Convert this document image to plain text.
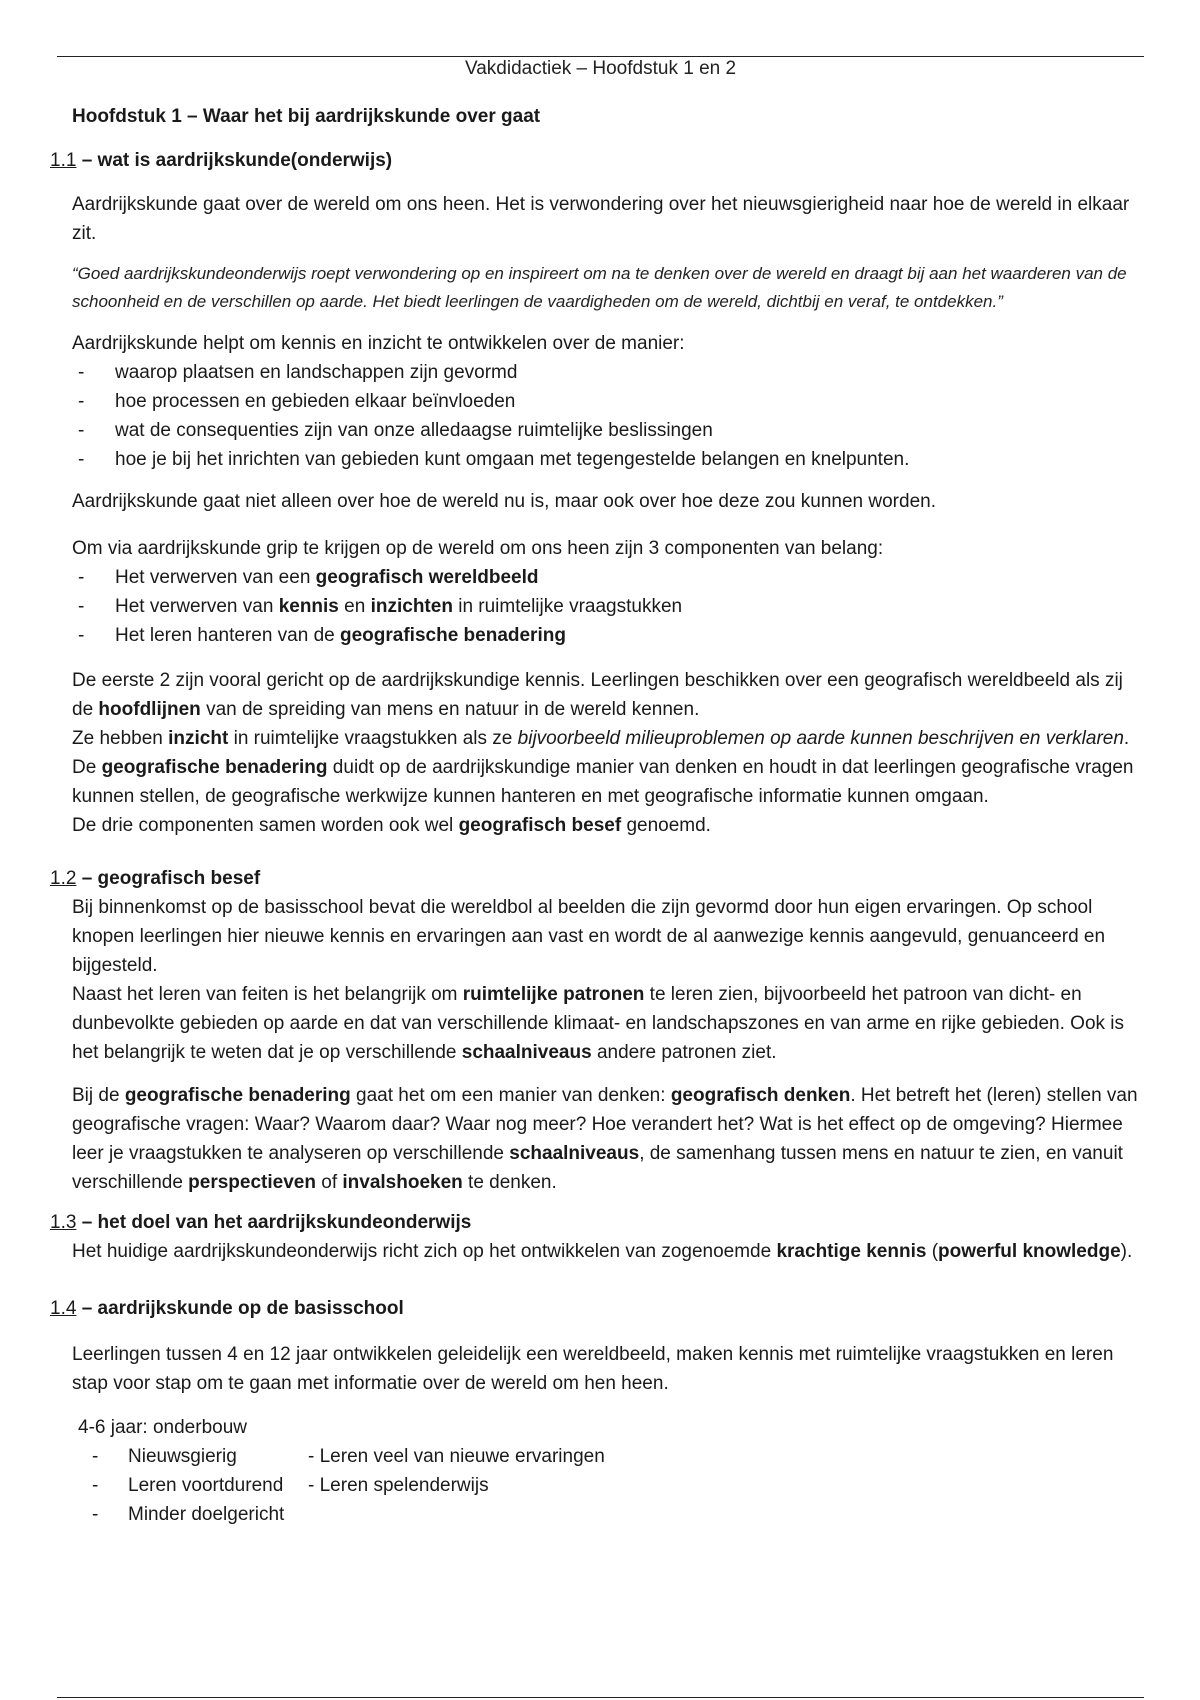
Vakdidactiek – Hoofdstuk 1 en 2

Hoofdstuk 1 – Waar het bij aardrijkskunde over gaat

1.1 – wat is aardrijkskunde(onderwijs)

Aardrijkskunde gaat over de wereld om ons heen. Het is verwondering over het nieuwsgierigheid naar hoe de wereld in elkaar zit.

“Goed aardrijkskundeonderwijs roept verwondering op en inspireert om na te denken over de wereld en draagt bij aan het waarderen van de schoonheid en de verschillen op aarde. Het biedt leerlingen de vaardigheden om de wereld, dichtbij en veraf, te ontdekken.”

Aardrijkskunde helpt om kennis en inzicht te ontwikkelen over de manier:

- waarop plaatsen en landschappen zijn gevormd
- hoe processen en gebieden elkaar beïnvloeden
- wat de consequenties zijn van onze alledaagse ruimtelijke beslissingen
- hoe je bij het inrichten van gebieden kunt omgaan met tegengestelde belangen en knelpunten.

Aardrijkskunde gaat niet alleen over hoe de wereld nu is, maar ook over hoe deze zou kunnen worden.

Om via aardrijkskunde grip te krijgen op de wereld om ons heen zijn 3 componenten van belang:

- Het verwerven van een geografisch wereldbeeld
- Het verwerven van kennis en inzichten in ruimtelijke vraagstukken
- Het leren hanteren van de geografische benadering

De eerste 2 zijn vooral gericht op de aardrijkskundige kennis. Leerlingen beschikken over een geografisch wereldbeeld als zij de hoofdlijnen van de spreiding van mens en natuur in de wereld kennen.

Ze hebben inzicht in ruimtelijke vraagstukken als ze bijvoorbeeld milieuproblemen op aarde kunnen beschrijven en verklaren.

De geografische benadering duidt op de aardrijkskundige manier van denken en houdt in dat leerlingen geografische vragen kunnen stellen, de geografische werkwijze kunnen hanteren en met geografische informatie kunnen omgaan.

De drie componenten samen worden ook wel geografisch besef genoemd.

1.2 – geografisch besef

Bij binnenkomst op de basisschool bevat die wereldbol al beelden die zijn gevormd door hun eigen ervaringen. Op school knopen leerlingen hier nieuwe kennis en ervaringen aan vast en wordt de al aanwezige kennis aangevuld, genuanceerd en bijgesteld.

Naast het leren van feiten is het belangrijk om ruimtelijke patronen te leren zien, bijvoorbeeld het patroon van dicht- en dunbevolkte gebieden op aarde en dat van verschillende klimaat- en landschapszones en van arme en rijke gebieden. Ook is het belangrijk te weten dat je op verschillende schaalniveaus andere patronen ziet.

Bij de geografische benadering gaat het om een manier van denken: geografisch denken. Het betreft het (leren) stellen van geografische vragen: Waar? Waarom daar? Waar nog meer? Hoe verandert het? Wat is het effect op de omgeving? Hiermee leer je vraagstukken te analyseren op verschillende schaalniveaus, de samenhang tussen mens en natuur te zien, en vanuit verschillende perspectieven of invalshoeken te denken.

1.3 – het doel van het aardrijkskundeonderwijs

Het huidige aardrijkskundeonderwijs richt zich op het ontwikkelen van zogenoemde krachtige kennis (powerful knowledge).

1.4 – aardrijkskunde op de basisschool

Leerlingen tussen 4 en 12 jaar ontwikkelen geleidelijk een wereldbeeld, maken kennis met ruimtelijke vraagstukken en leren stap voor stap om te gaan met informatie over de wereld om hen heen.

4-6 jaar: onderbouw

- Nieuwsgierig
- Leren voortdurend
- Minder doelgericht

- Leren veel van nieuwe ervaringen

- Leren spelenderwijs
